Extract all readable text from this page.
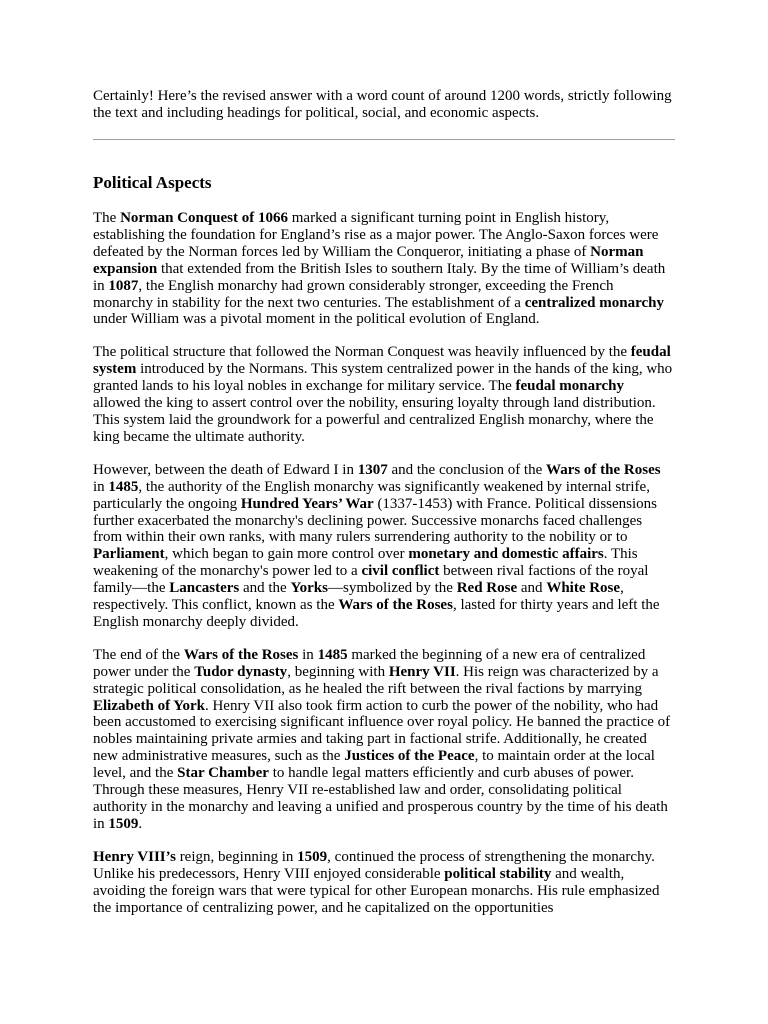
Certainly! Here’s the revised answer with a word count of around 1200 words, strictly following the text and including headings for political, social, and economic aspects.

Political Aspects

The Norman Conquest of 1066 marked a significant turning point in English history, establishing the foundation for England’s rise as a major power. The Anglo-Saxon forces were defeated by the Norman forces led by William the Conqueror, initiating a phase of Norman expansion that extended from the British Isles to southern Italy. By the time of William’s death in 1087, the English monarchy had grown considerably stronger, exceeding the French monarchy in stability for the next two centuries. The establishment of a centralized monarchy under William was a pivotal moment in the political evolution of England.

The political structure that followed the Norman Conquest was heavily influenced by the feudal system introduced by the Normans. This system centralized power in the hands of the king, who granted lands to his loyal nobles in exchange for military service. The feudal monarchy allowed the king to assert control over the nobility, ensuring loyalty through land distribution. This system laid the groundwork for a powerful and centralized English monarchy, where the king became the ultimate authority.

However, between the death of Edward I in 1307 and the conclusion of the Wars of the Roses in 1485, the authority of the English monarchy was significantly weakened by internal strife, particularly the ongoing Hundred Years’ War (1337-1453) with France. Political dissensions further exacerbated the monarchy's declining power. Successive monarchs faced challenges from within their own ranks, with many rulers surrendering authority to the nobility or to Parliament, which began to gain more control over monetary and domestic affairs. This weakening of the monarchy's power led to a civil conflict between rival factions of the royal family—the Lancasters and the Yorks—symbolized by the Red Rose and White Rose, respectively. This conflict, known as the Wars of the Roses, lasted for thirty years and left the English monarchy deeply divided.

The end of the Wars of the Roses in 1485 marked the beginning of a new era of centralized power under the Tudor dynasty, beginning with Henry VII. His reign was characterized by a strategic political consolidation, as he healed the rift between the rival factions by marrying Elizabeth of York. Henry VII also took firm action to curb the power of the nobility, who had been accustomed to exercising significant influence over royal policy. He banned the practice of nobles maintaining private armies and taking part in factional strife. Additionally, he created new administrative measures, such as the Justices of the Peace, to maintain order at the local level, and the Star Chamber to handle legal matters efficiently and curb abuses of power. Through these measures, Henry VII re-established law and order, consolidating political authority in the monarchy and leaving a unified and prosperous country by the time of his death in 1509.

Henry VIII’s reign, beginning in 1509, continued the process of strengthening the monarchy. Unlike his predecessors, Henry VIII enjoyed considerable political stability and wealth, avoiding the foreign wars that were typical for other European monarchs. His rule emphasized the importance of centralizing power, and he capitalized on the opportunities
